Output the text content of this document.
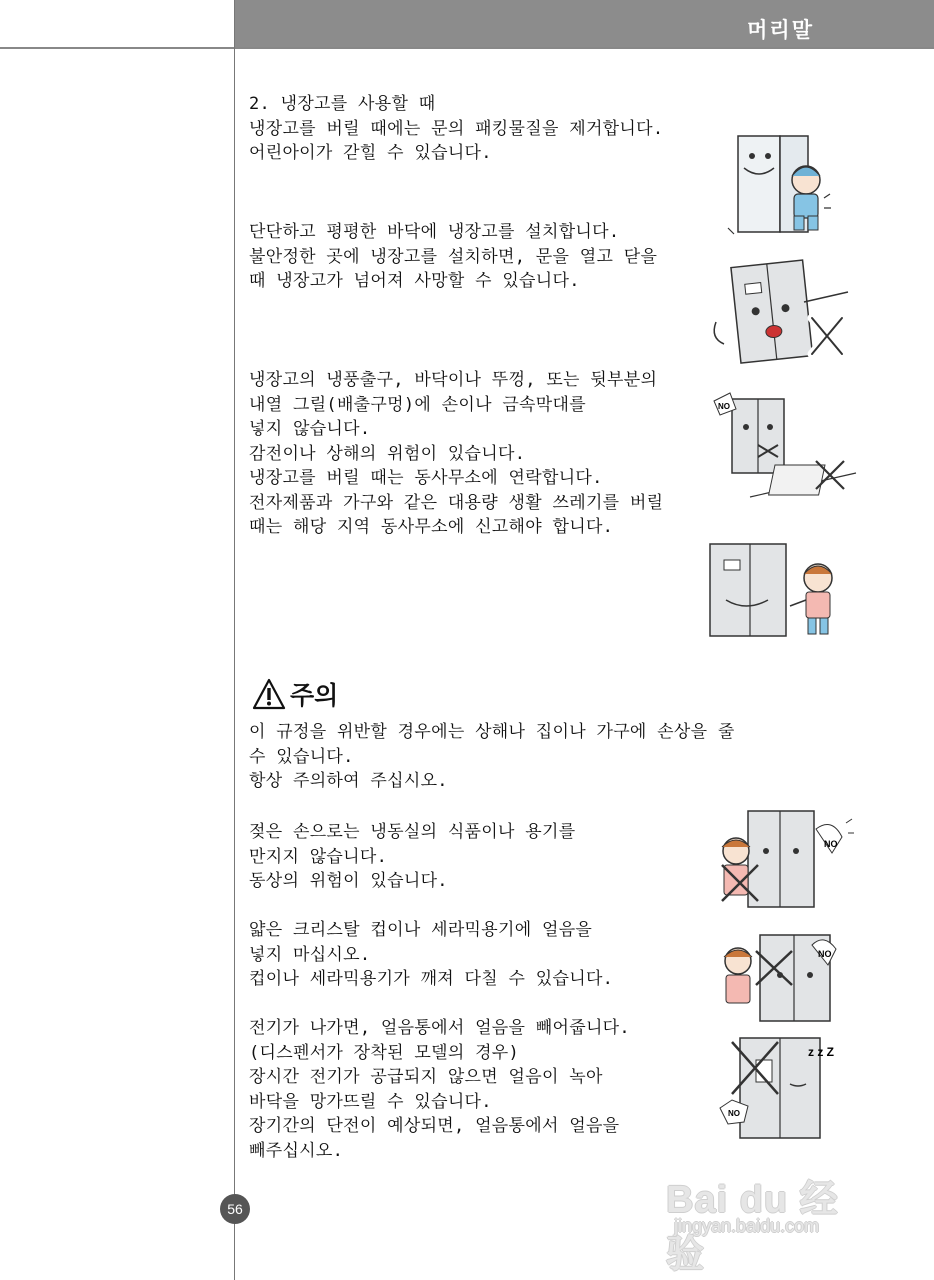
머리말
2. 냉장고를 사용할 때
냉장고를 버릴 때에는 문의 패킹물질을 제거합니다.
어린아이가 갇힐 수 있습니다.
단단하고 평평한 바닥에 냉장고를 설치합니다.
불안정한 곳에 냉장고를 설치하면, 문을 열고 닫을
때 냉장고가 넘어져 사망할 수 있습니다.
냉장고의 냉풍출구, 바닥이나 뚜껑, 또는 뒷부분의
내열 그릴(배출구멍)에 손이나 금속막대를
넣지 않습니다.
감전이나 상해의 위험이 있습니다.
냉장고를 버릴 때는 동사무소에 연락합니다.
전자제품과 가구와 같은 대용량 생활 쓰레기를 버릴
때는 해당 지역 동사무소에 신고해야 합니다.
주의
이 규정을 위반할 경우에는 상해나 집이나 가구에 손상을 줄
수 있습니다.
항상 주의하여 주십시오.
젖은 손으로는 냉동실의 식품이나 용기를
만지지 않습니다.
동상의 위험이 있습니다.
얇은 크리스탈 컵이나 세라믹용기에 얼음을
넣지 마십시오.
컵이나 세라믹용기가 깨져 다칠 수 있습니다.
전기가 나가면, 얼음통에서 얼음을 빼어줍니다.
(디스펜서가 장착된 모델의 경우)
장시간 전기가 공급되지 않으면 얼음이 녹아
바닥을 망가뜨릴 수 있습니다.
장기간의 단전이 예상되면, 얼음통에서 얼음을
빼주십시오.
NO
NO
NO
z z Z
NO
56	Bai du 经验
jingyan.baidu.com
